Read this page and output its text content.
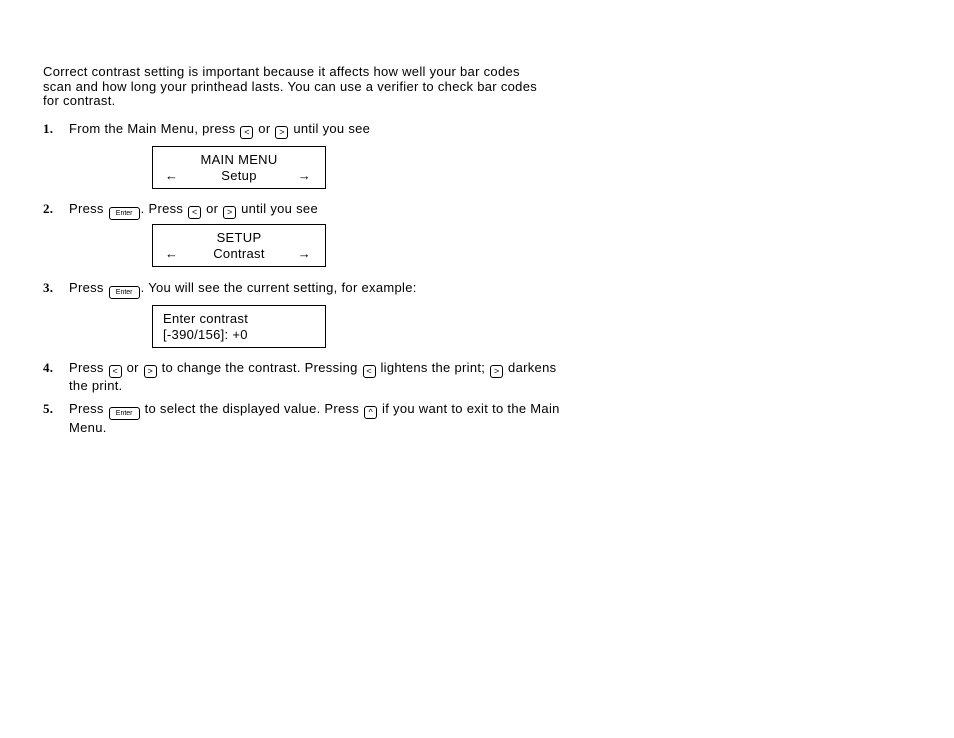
Correct contrast setting is important because it affects how well your bar codes scan and how long your printhead lasts. You can use a verifier to check bar codes for contrast.

1. From the Main Menu, press < or > until you see
MAIN MENU
←	Setup	→
2. Press Enter . Press < or > until you see
SETUP
←	Contrast	→
3. Press Enter . You will see the current setting, for example:
Enter contrast
[-390/156]: +0
4. Press < or > to change the contrast. Pressing < lightens the print; > darkens the print.
5. Press Enter to select the displayed value. Press ^ if you want to exit to the Main Menu.
